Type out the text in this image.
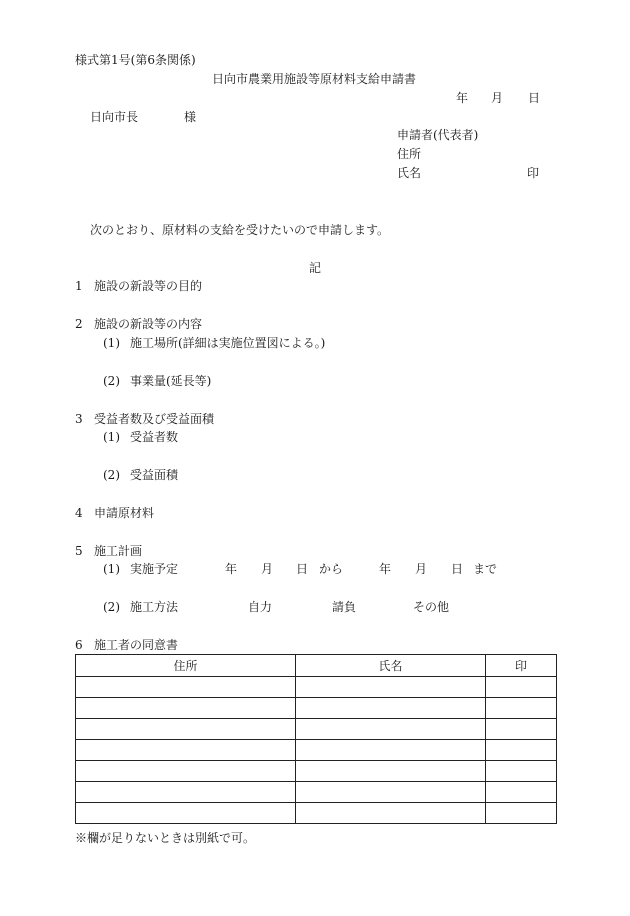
様式第1号(第6条関係)
日向市農業用施設等原材料支給申請書
年 月 日
日向市長	様
申請者(代表者)
住所
氏名	印
次のとおり、原材料の支給を受けたいので申請します。
記
1 施設の新設等の目的
2 施設の新設等の内容
(1) 施工場所(詳細は実施位置図による。)
(2) 事業量(延長等)
3 受益者数及び受益面積
(1) 受益者数
(2) 受益面積
4 申請原材料
5 施工計画
(1) 実施予定	年 月 日 から	年 月 日 まで
(2) 施工方法	自力	請負	その他
6 施工者の同意書
住所	氏名	印

※欄が足りないときは別紙で可。
